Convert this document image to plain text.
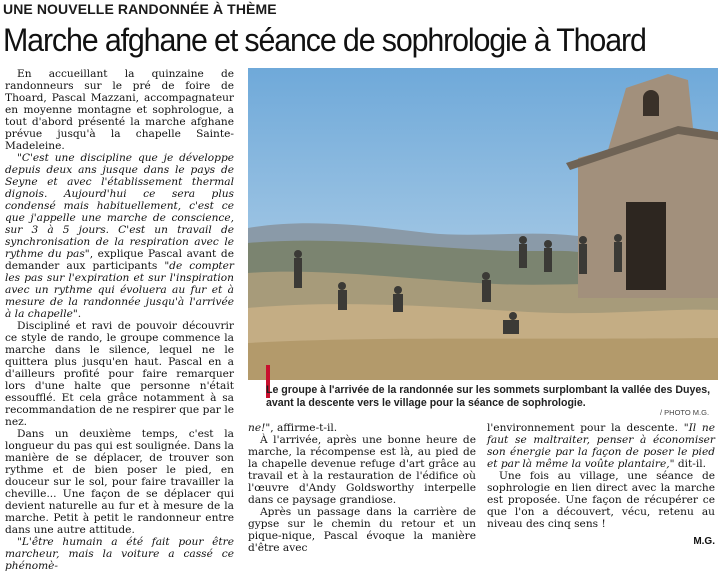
UNE NOUVELLE RANDONNÉE À THÈME
Marche afghane et séance de sophrologie à Thoard

En accueillant la quinzaine de randonneurs sur le pré de foire de Thoard, Pascal Mazzani, accompagnateur en moyenne montagne et sophrologue, a tout d'abord présenté la marche afghane prévue jusqu'à la chapelle Sainte-Madeleine.

"C'est une discipline que je développe depuis deux ans jusque dans le pays de Seyne et avec l'établissement thermal dignois. Aujourd'hui ce sera plus condensé mais habituellement, c'est ce que j'appelle une marche de conscience, sur 3 à 5 jours. C'est un travail de synchronisation de la respiration avec le rythme du pas", explique Pascal avant de demander aux participants "de compter les pas sur l'expiration et sur l'inspiration avec un rythme qui évoluera au fur et à mesure de la randonnée jusqu'à l'arrivée à la chapelle".

Discipliné et ravi de pouvoir découvrir ce style de rando, le groupe commence la marche dans le silence, lequel ne le quittera plus jusqu'en haut. Pascal en a d'ailleurs profité pour faire remarquer lors d'une halte que personne n'était essoufflé. Et cela grâce notamment à sa recommandation de ne respirer que par le nez.

Dans un deuxième temps, c'est la longueur du pas qui est soulignée. Dans la manière de se déplacer, de trouver son rythme et de bien poser le pied, en douceur sur le sol, pour faire travailler la cheville... Une façon de se déplacer qui devient naturelle au fur et à mesure de la marche. Petit à petit le randonneur entre dans une autre attitude.

"L'être humain a été fait pour être marcheur, mais la voiture a cassé ce phénomè-

Le groupe à l'arrivée de la randonnée sur les sommets surplombant la vallée des Duyes, avant la descente vers le village pour la séance de sophrologie.
/ PHOTO M.G.

ne!", affirme-t-il.

À l'arrivée, après une bonne heure de marche, la récompense est là, au pied de la chapelle devenue refuge d'art grâce au travail et à la restauration de l'édifice où l'œuvre d'Andy Goldsworthy interpelle dans ce paysage grandiose.

Après un passage dans la carrière de gypse sur le chemin du retour et un pique-nique, Pascal évoque la manière d'être avec

l'environnement pour la descente. "Il ne faut se maltraiter, penser à économiser son énergie par la façon de poser le pied et par là même la voûte plantaire," dit-il.

Une fois au village, une séance de sophrologie en lien direct avec la marche est proposée. Une façon de récupérer ce que l'on a découvert, vécu, retenu au niveau des cinq sens !

M.G.
